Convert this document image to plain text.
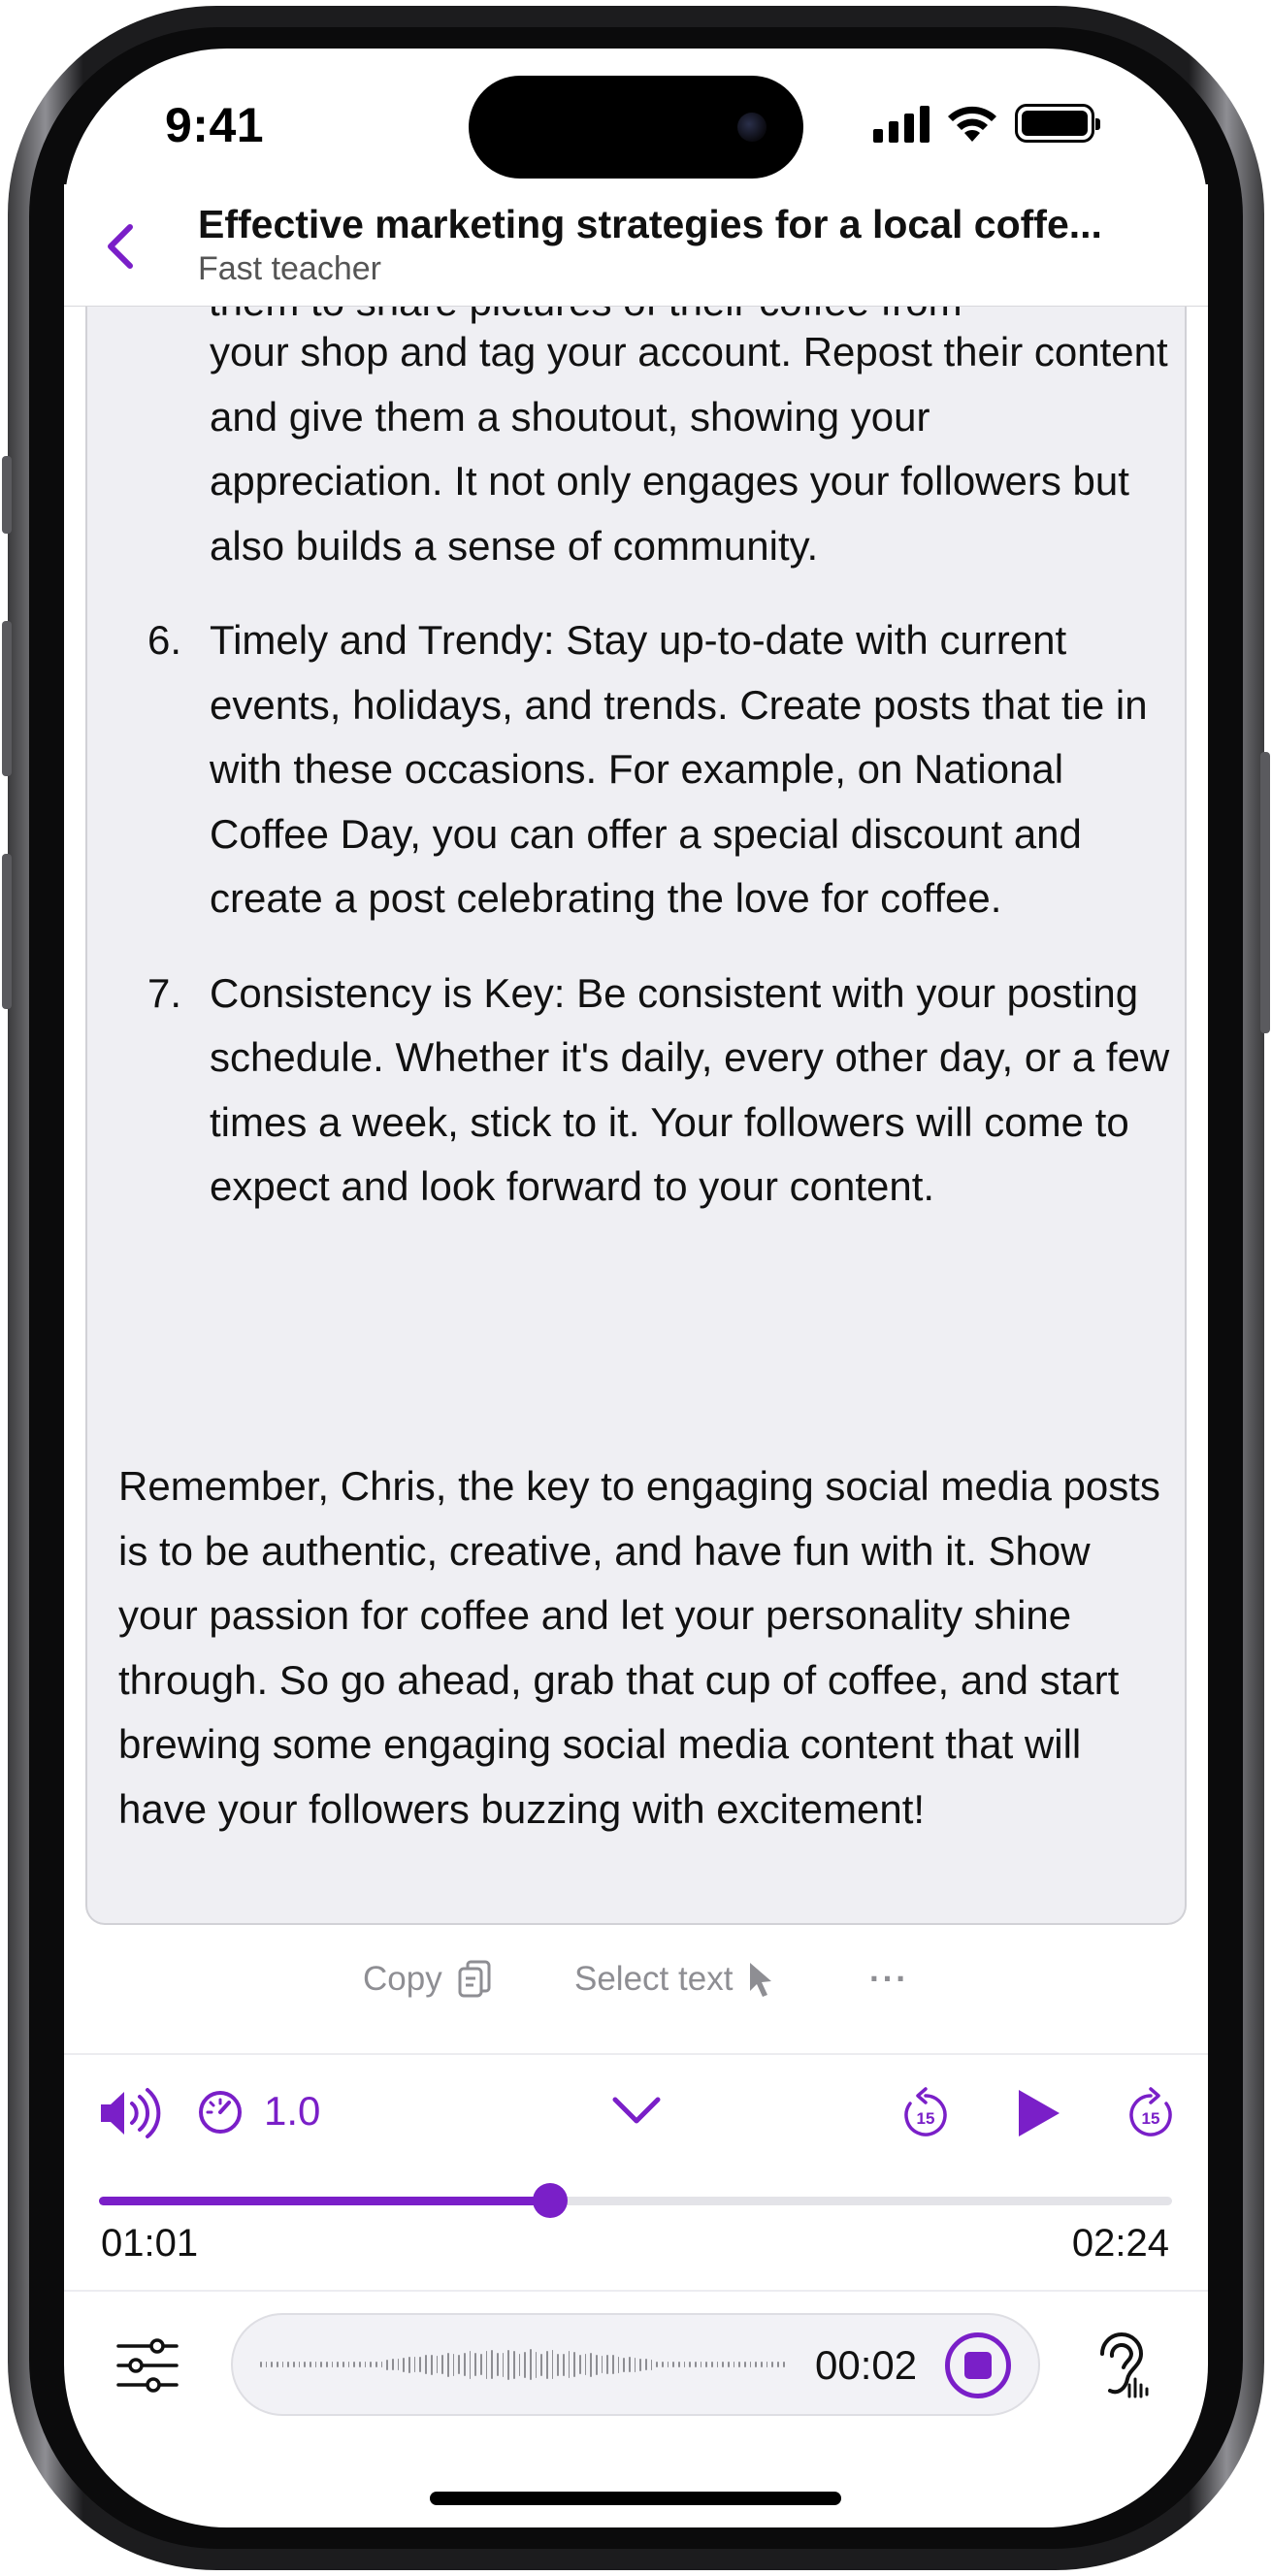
9:41
Effective marketing strategies for a local coffe...
Fast teacher
your shop and tag your account. Repost their content and give them a shoutout, showing your appreciation. It not only engages your followers but also builds a sense of community.
6. Timely and Trendy: Stay up-to-date with current events, holidays, and trends. Create posts that tie in with these occasions. For example, on National Coffee Day, you can offer a special discount and create a post celebrating the love for coffee.
7. Consistency is Key: Be consistent with your posting schedule. Whether it's daily, every other day, or a few times a week, stick to it. Your followers will come to expect and look forward to your content.

Remember, Chris, the key to engaging social media posts is to be authentic, creative, and have fun with it. Show your passion for coffee and let your personality shine through. So go ahead, grab that cup of coffee, and start brewing some engaging social media content that will have your followers buzzing with excitement!

Copy	Select text	···
1.0	15	15
01:01	02:24
00:02
